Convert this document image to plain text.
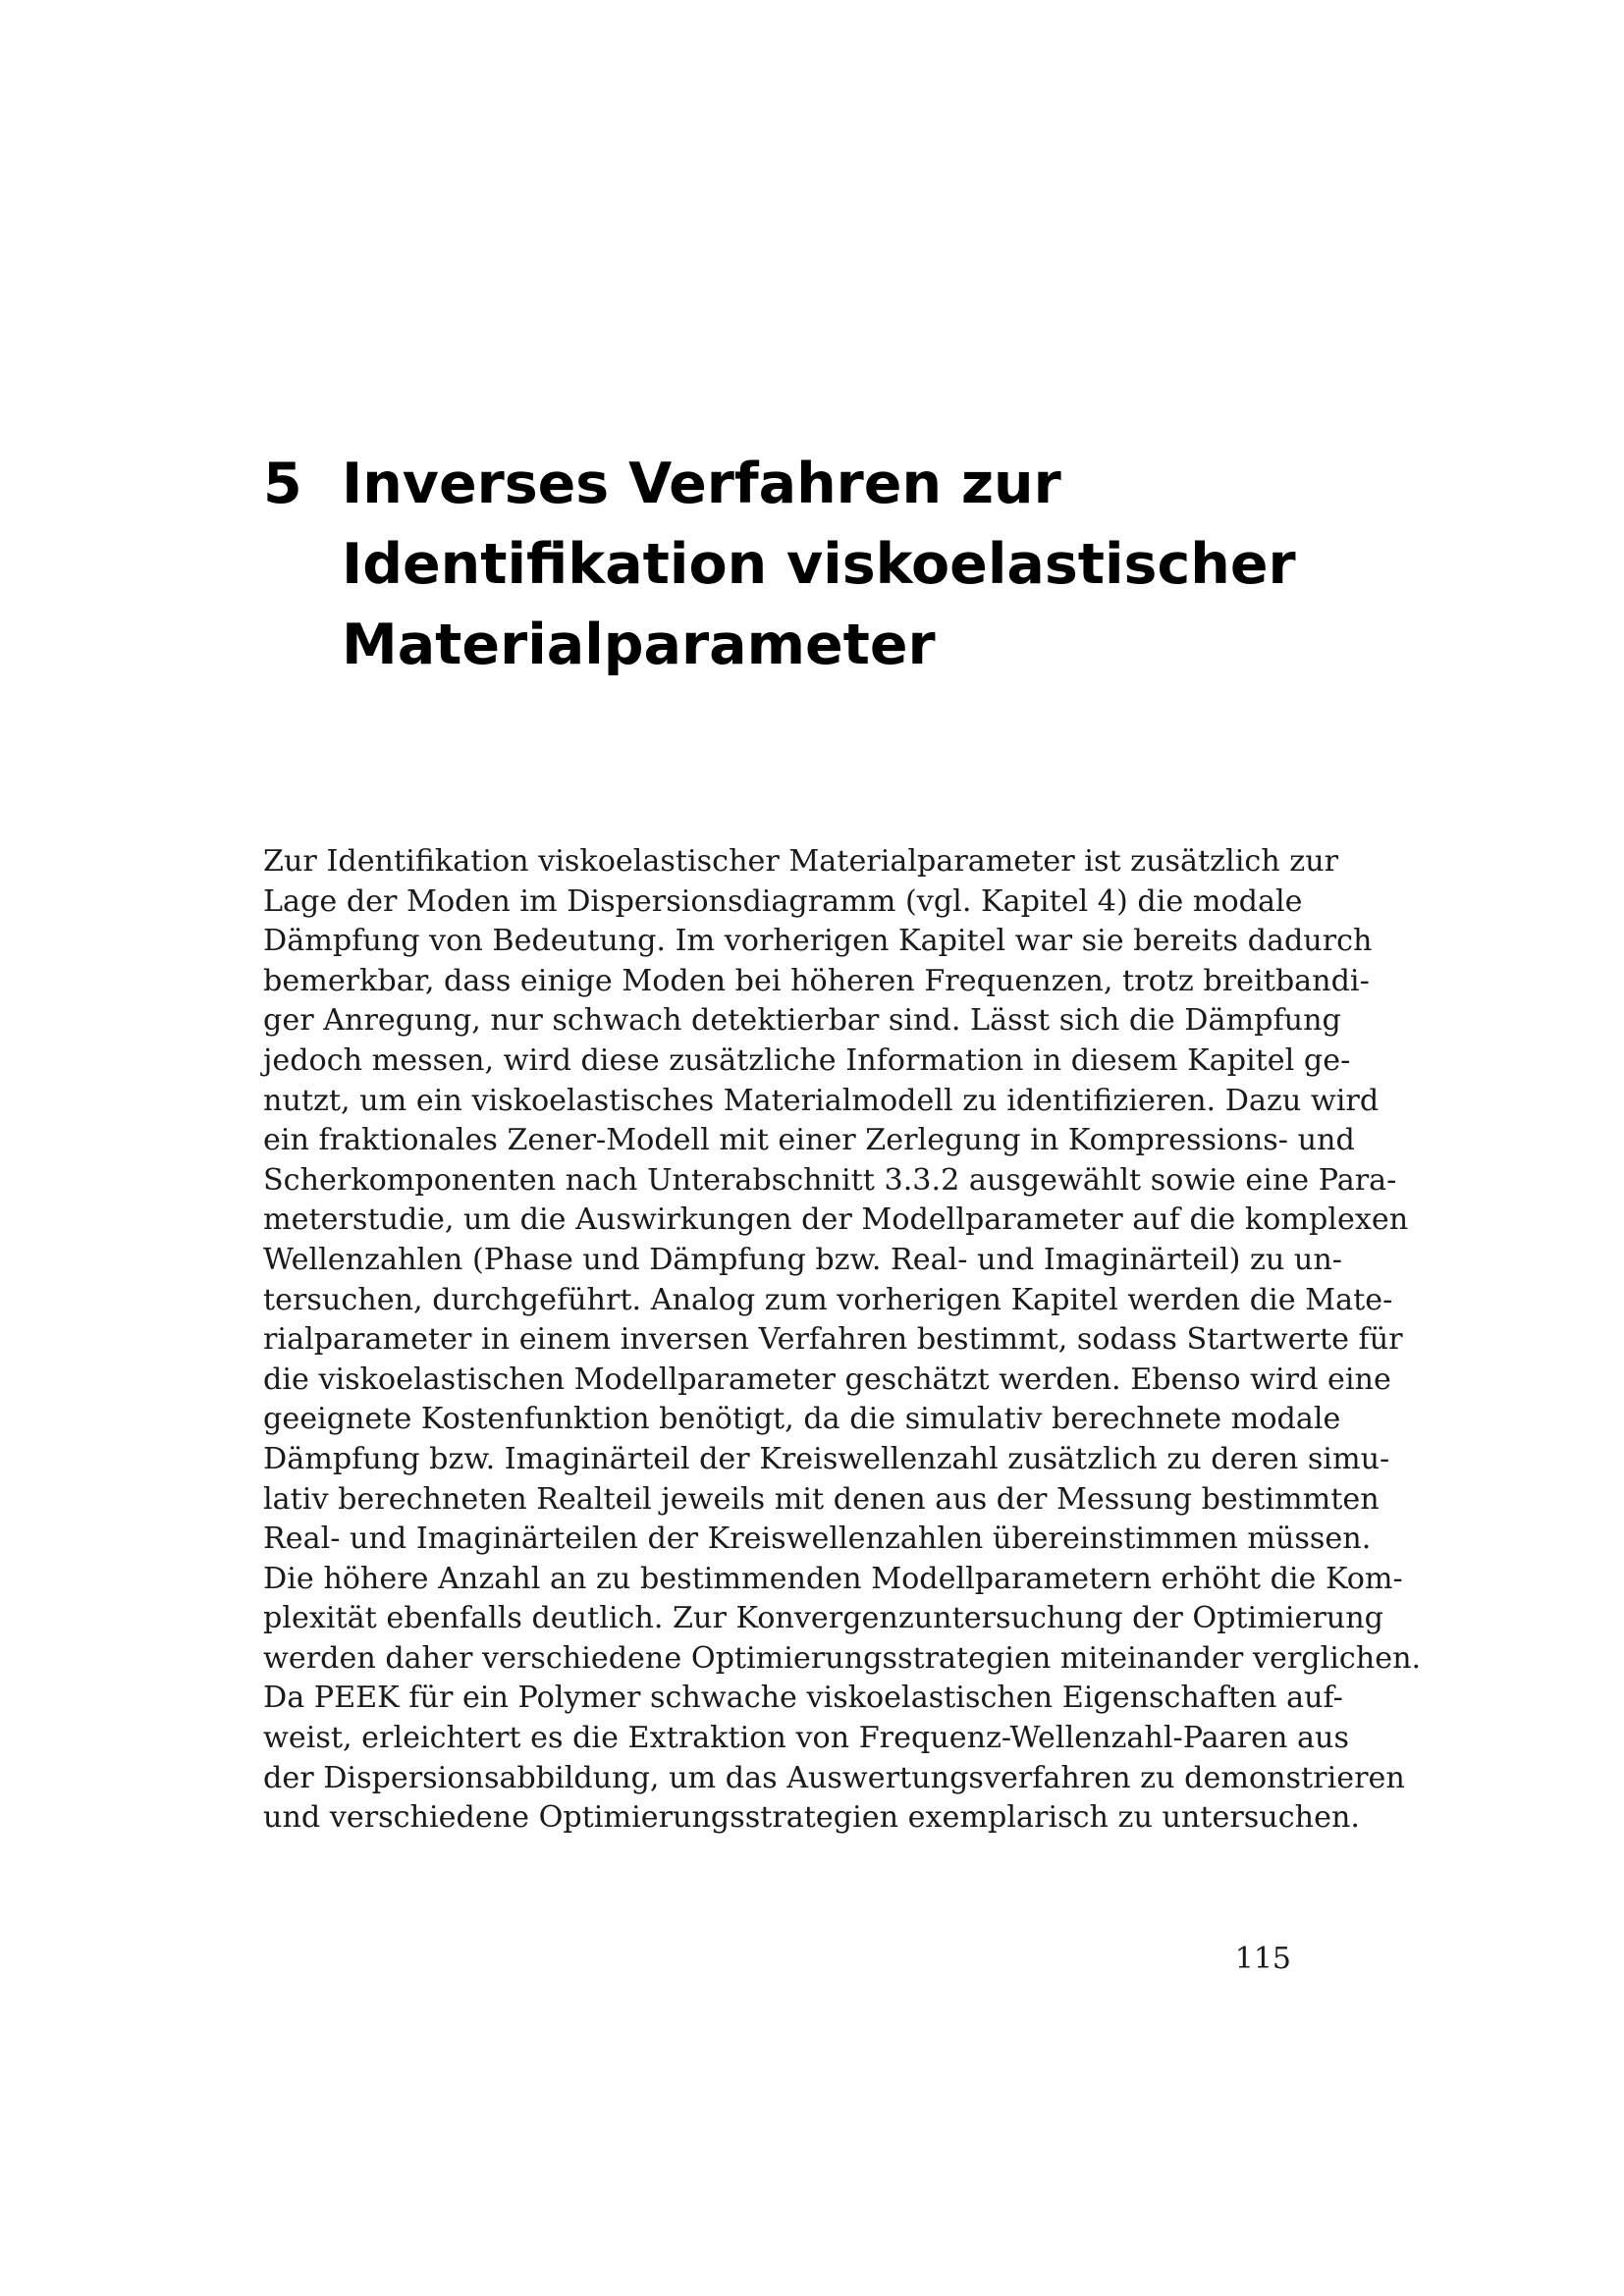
5 Inverses Verfahren zur
Identifikation viskoelastischer
Materialparameter
Zur Identifikation viskoelastischer Materialparameter ist zusätzlich zur
Lage der Moden im Dispersionsdiagramm (vgl. Kapitel 4) die modale
Dämpfung von Bedeutung. Im vorherigen Kapitel war sie bereits dadurch
bemerkbar, dass einige Moden bei höheren Frequenzen, trotz breitbandi-
ger Anregung, nur schwach detektierbar sind. Lässt sich die Dämpfung
jedoch messen, wird diese zusätzliche Information in diesem Kapitel ge-
nutzt, um ein viskoelastisches Materialmodell zu identifizieren. Dazu wird
ein fraktionales Zener-Modell mit einer Zerlegung in Kompressions- und
Scherkomponenten nach Unterabschnitt 3.3.2 ausgewählt sowie eine Para-
meterstudie, um die Auswirkungen der Modellparameter auf die komplexen
Wellenzahlen (Phase und Dämpfung bzw. Real- und Imaginärteil) zu un-
tersuchen, durchgeführt. Analog zum vorherigen Kapitel werden die Mate-
rialparameter in einem inversen Verfahren bestimmt, sodass Startwerte für
die viskoelastischen Modellparameter geschätzt werden. Ebenso wird eine
geeignete Kostenfunktion benötigt, da die simulativ berechnete modale
Dämpfung bzw. Imaginärteil der Kreiswellenzahl zusätzlich zu deren simu-
lativ berechneten Realteil jeweils mit denen aus der Messung bestimmten
Real- und Imaginärteilen der Kreiswellenzahlen übereinstimmen müssen.
Die höhere Anzahl an zu bestimmenden Modellparametern erhöht die Kom-
plexität ebenfalls deutlich. Zur Konvergenzuntersuchung der Optimierung
werden daher verschiedene Optimierungsstrategien miteinander verglichen.
Da PEEK für ein Polymer schwache viskoelastischen Eigenschaften auf-
weist, erleichtert es die Extraktion von Frequenz-Wellenzahl-Paaren aus
der Dispersionsabbildung, um das Auswertungsverfahren zu demonstrieren
und verschiedene Optimierungsstrategien exemplarisch zu untersuchen.
115
